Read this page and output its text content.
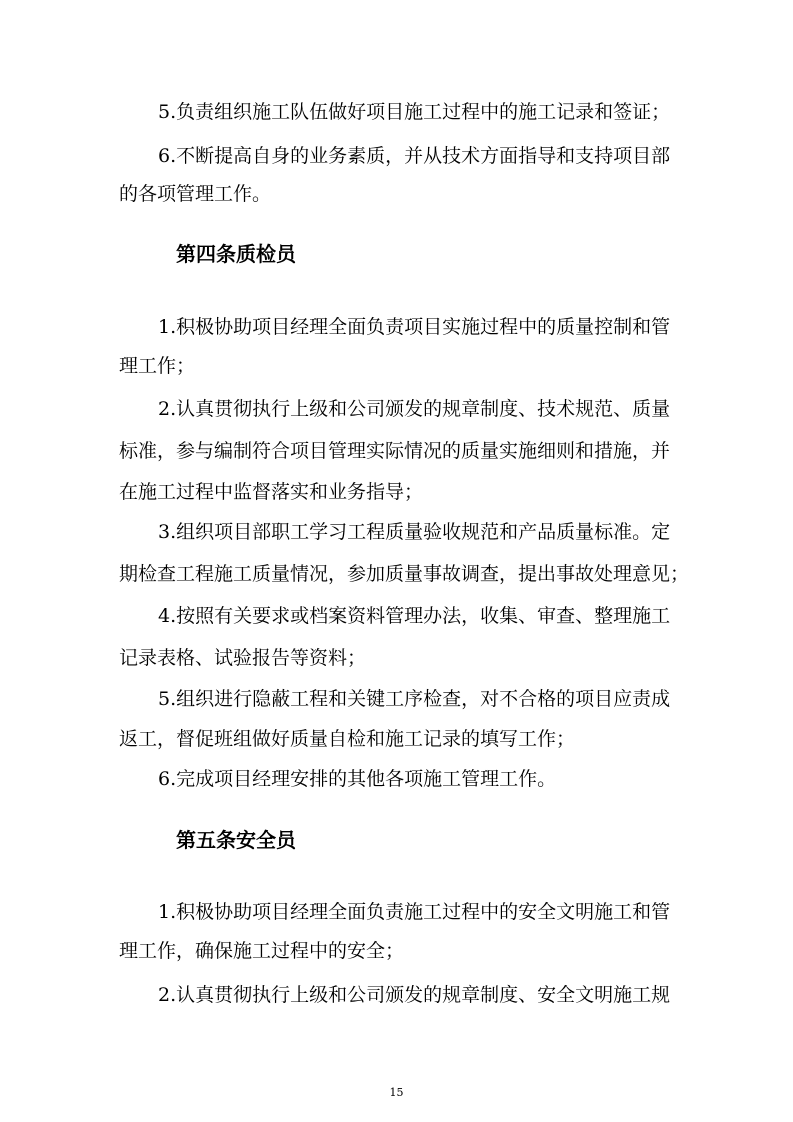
5.负责组织施工队伍做好项目施工过程中的施工记录和签证；
6.不断提高自身的业务素质，并从技术方面指导和支持项目部
的各项管理工作。
第四条质检员
1.积极协助项目经理全面负责项目实施过程中的质量控制和管
理工作；
2.认真贯彻执行上级和公司颁发的规章制度、技术规范、质量
标准，参与编制符合项目管理实际情况的质量实施细则和措施，并
在施工过程中监督落实和业务指导；
3.组织项目部职工学习工程质量验收规范和产品质量标准。定
期检查工程施工质量情况，参加质量事故调查，提出事故处理意见；
4.按照有关要求或档案资料管理办法，收集、审查、整理施工
记录表格、试验报告等资料；
5.组织进行隐蔽工程和关键工序检查，对不合格的项目应责成
返工，督促班组做好质量自检和施工记录的填写工作；
6.完成项目经理安排的其他各项施工管理工作。
第五条安全员
1.积极协助项目经理全面负责施工过程中的安全文明施工和管
理工作，确保施工过程中的安全；
2.认真贯彻执行上级和公司颁发的规章制度、安全文明施工规
15
